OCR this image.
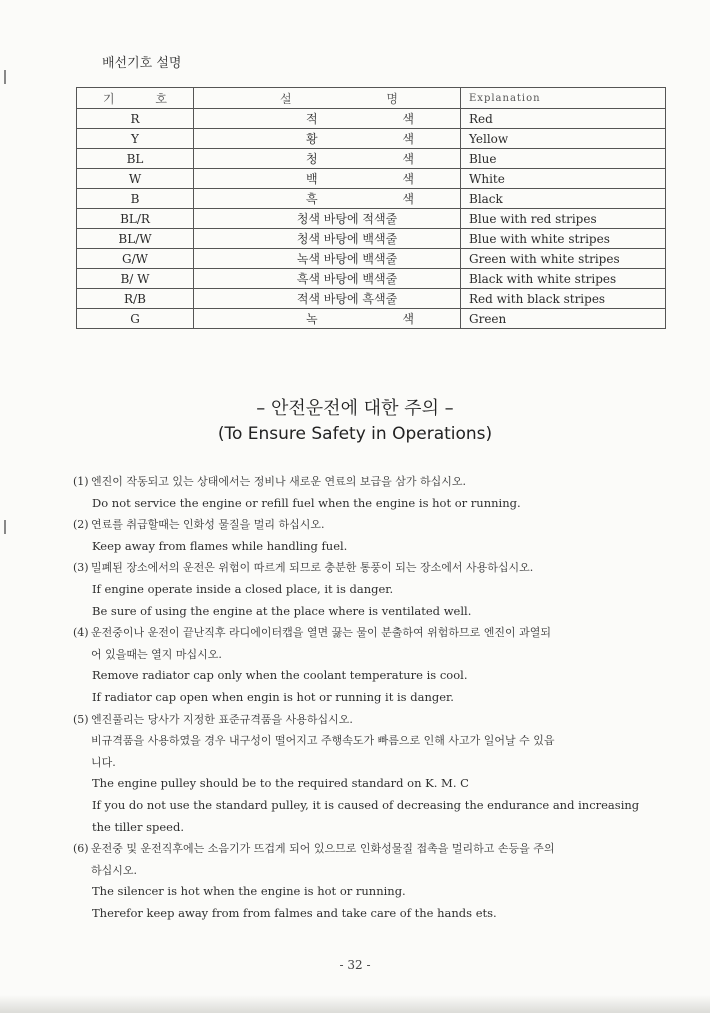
배선기호 설명
기 호	설 명	Explanation
R	적 색	Red
Y	황 색	Yellow
BL	청 색	Blue
W	백 색	White
B	흑 색	Black
BL/R	청색 바탕에 적색줄	Blue with red stripes
BL/W	청색 바탕에 백색줄	Blue with white stripes
G/W	녹색 바탕에 백색줄	Green with white stripes
B/ W	흑색 바탕에 백색줄	Black with white stripes
R/B	적색 바탕에 흑색줄	Red with black stripes
G	녹 색	Green
– 안전운전에 대한 주의 –
(To Ensure Safety in Operations)
(1) 엔진이 작동되고 있는 상태에서는 정비나 새로운 연료의 보급을 삼가 하십시오.
Do not service the engine or refill fuel when the engine is hot or running.
(2) 연료를 취급할때는 인화성 물질을 멀리 하십시오.
Keep away from flames while handling fuel.
(3) 밀폐된 장소에서의 운전은 위험이 따르게 되므로 충분한 통풍이 되는 장소에서 사용하십시오.
If engine operate inside a closed place, it is danger.
Be sure of using the engine at the place where is ventilated well.
(4) 운전중이나 운전이 끝난직후 라디에이터캡을 열면 끓는 물이 분출하여 위험하므로 엔진이 과열되
어 있을때는 열지 마십시오.
Remove radiator cap only when the coolant temperature is cool.
If radiator cap open when engin is hot or running it is danger.
(5) 엔진풀리는 당사가 지정한 표준규격품을 사용하십시오.
비규격품을 사용하였을 경우 내구성이 떨어지고 주행속도가 빠름으로 인해 사고가 일어날 수 있읍
니다.
The engine pulley should be to the required standard on K. M. C
If you do not use the standard pulley, it is caused of decreasing the endurance and increasing
the tiller speed.
(6) 운전중 및 운전직후에는 소음기가 뜨겁게 되어 있으므로 인화성물질 접촉을 멀리하고 손등을 주의
하십시오.
The silencer is hot when the engine is hot or running.
Therefor keep away from from falmes and take care of the hands ets.
- 32 -
